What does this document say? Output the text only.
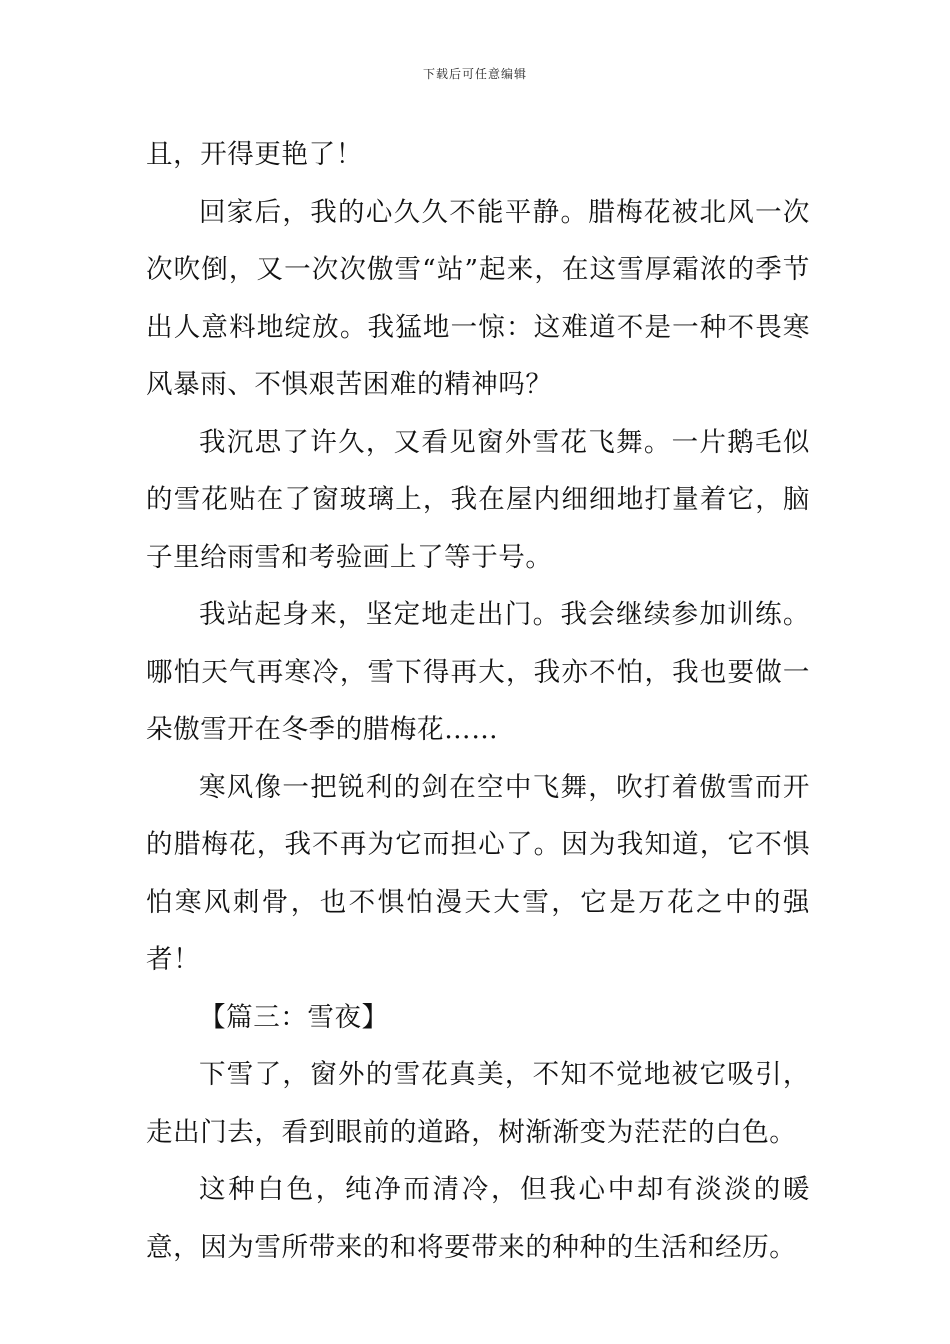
下载后可任意编辑

且，开得更艳了！

回家后，我的心久久不能平静。腊梅花被北风一次次吹倒，又一次次傲雪“站”起来，在这雪厚霜浓的季节出人意料地绽放。我猛地一惊：这难道不是一种不畏寒风暴雨、不惧艰苦困难的精神吗？

我沉思了许久，又看见窗外雪花飞舞。一片鹅毛似的雪花贴在了窗玻璃上，我在屋内细细地打量着它，脑子里给雨雪和考验画上了等于号。

我站起身来，坚定地走出门。我会继续参加训练。哪怕天气再寒冷，雪下得再大，我亦不怕，我也要做一朵傲雪开在冬季的腊梅花……

寒风像一把锐利的剑在空中飞舞，吹打着傲雪而开的腊梅花，我不再为它而担心了。因为我知道，它不惧怕寒风刺骨，也不惧怕漫天大雪，它是万花之中的强者！

【篇三：雪夜】

下雪了，窗外的雪花真美，不知不觉地被它吸引，走出门去，看到眼前的道路，树渐渐变为茫茫的白色。

这种白色，纯净而清冷，但我心中却有淡淡的暖意，因为雪所带来的和将要带来的种种的生活和经历。
